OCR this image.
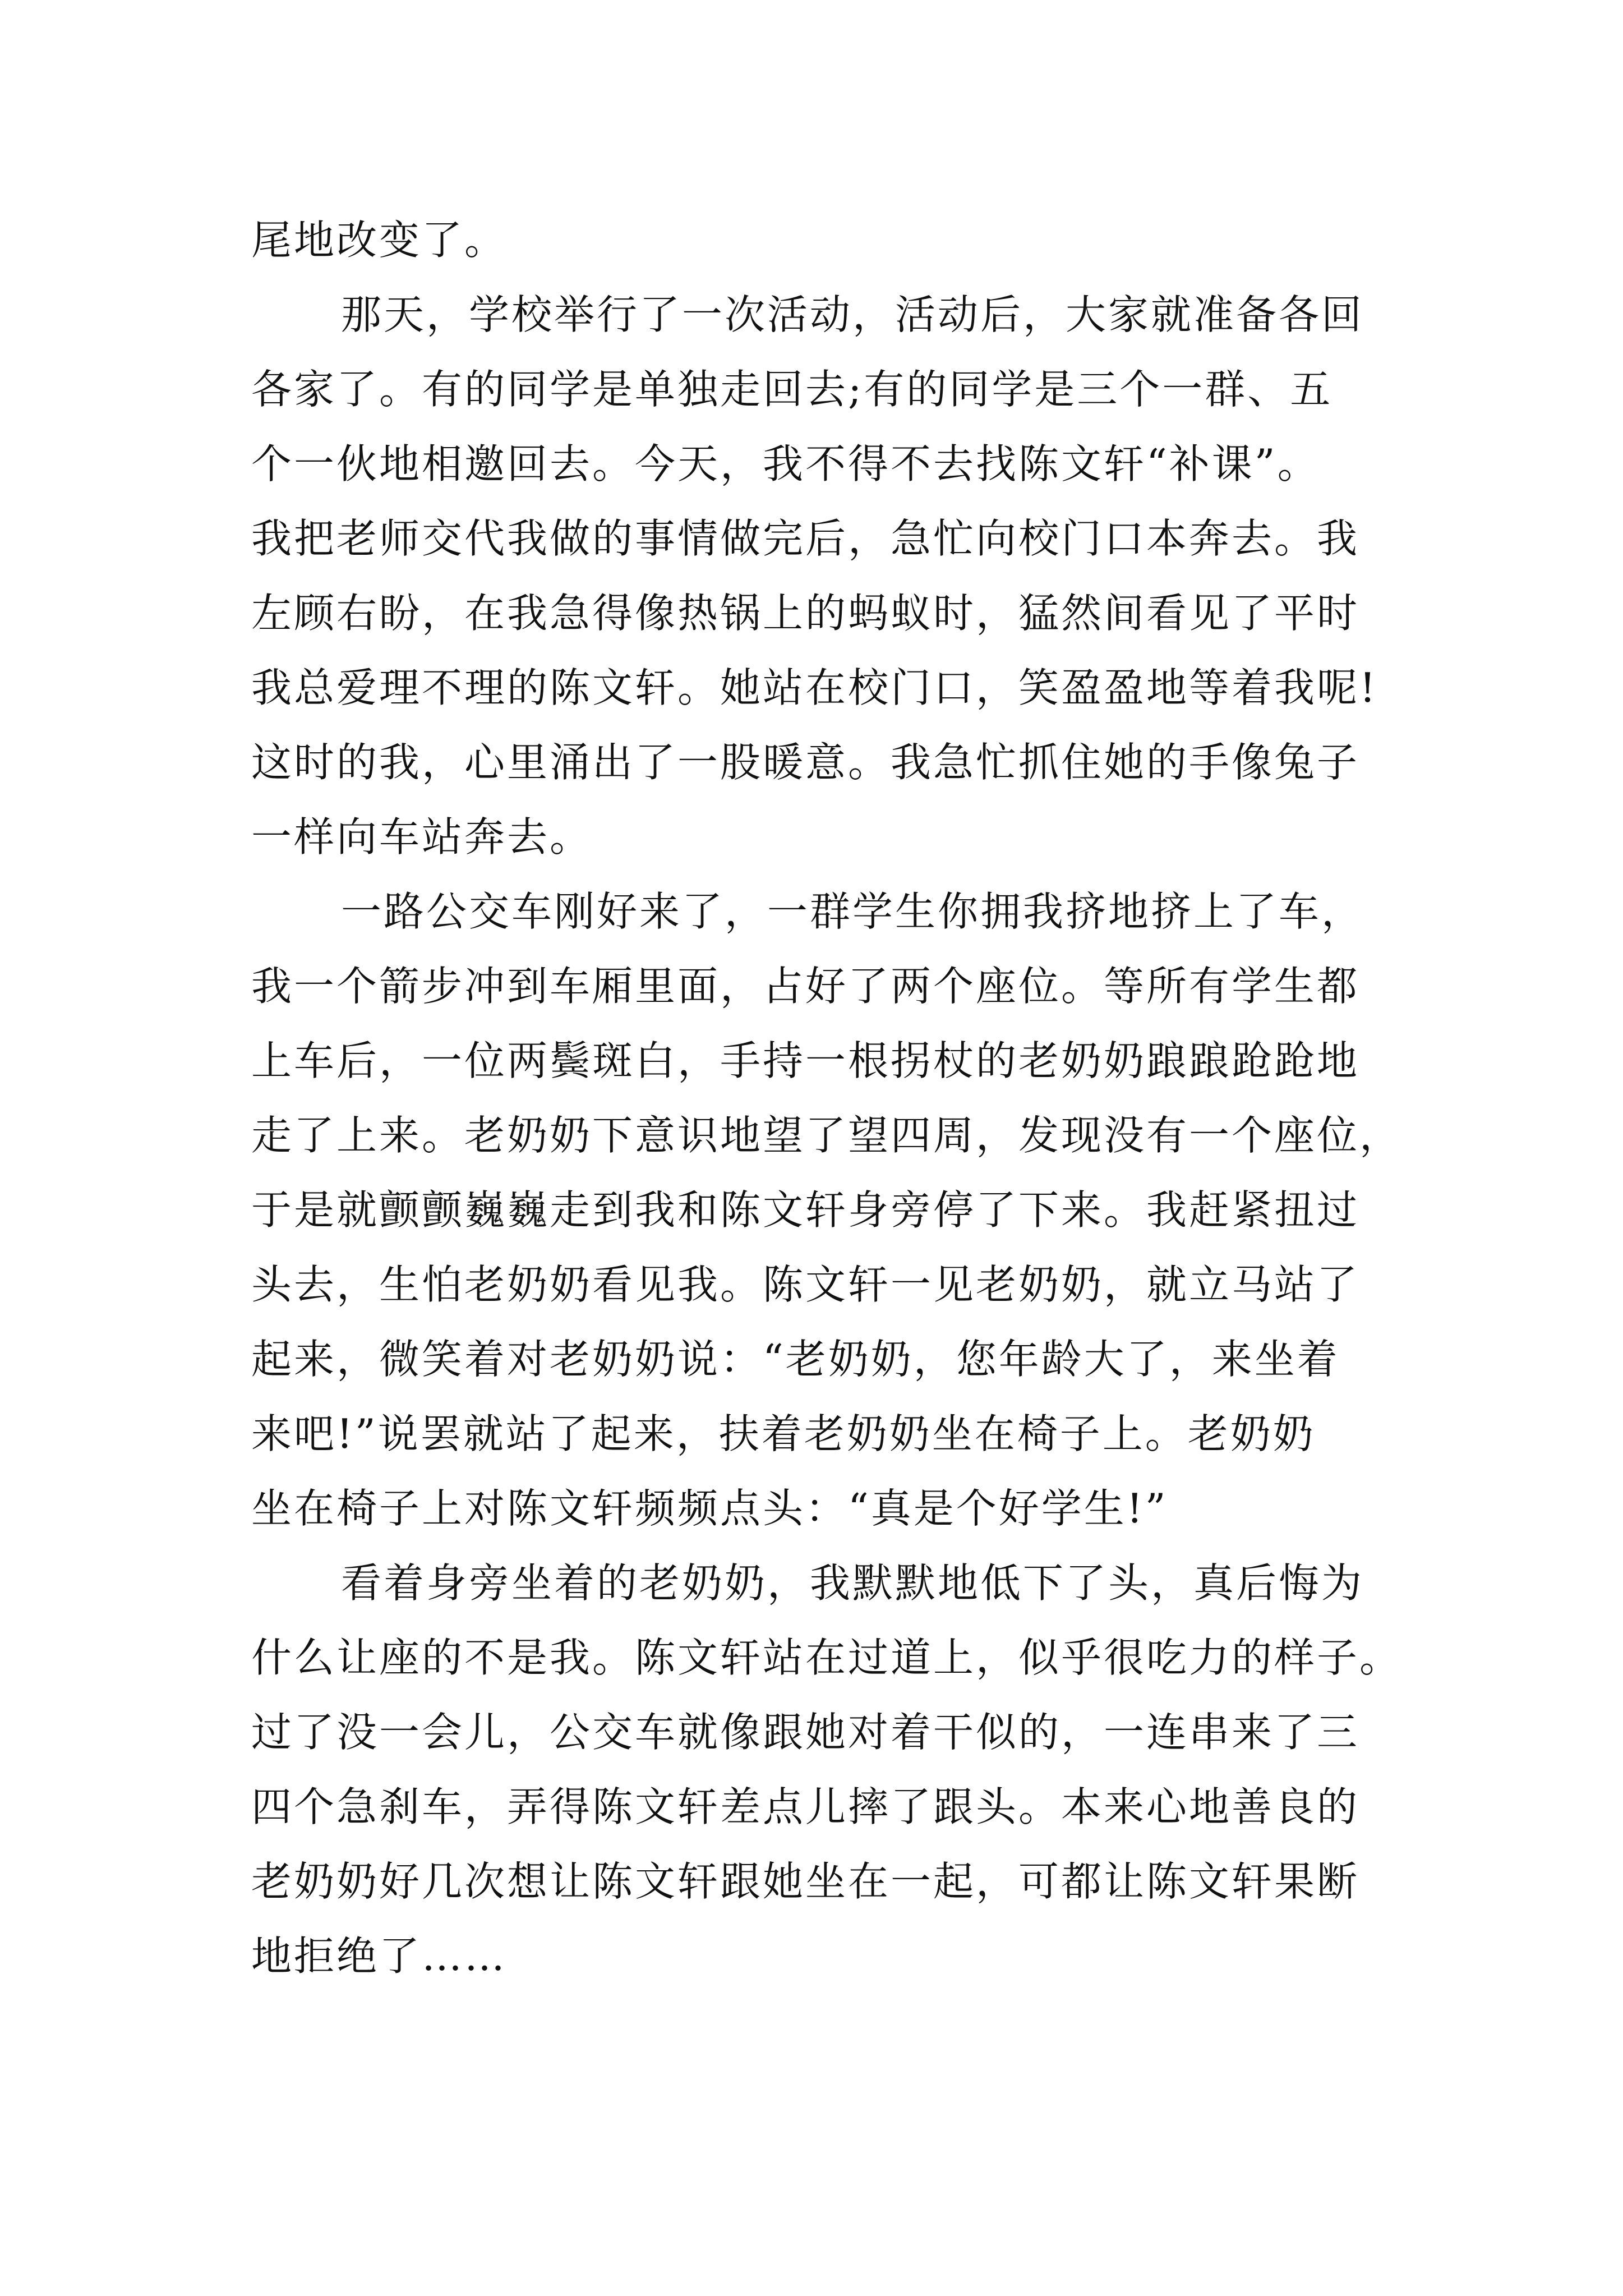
尾地改变了。
那天，学校举行了一次活动，活动后，大家就准备各回
各家了。有的同学是单独走回去;有的同学是三个一群、五
个一伙地相邀回去。今天，我不得不去找陈文轩“补课”。
我把老师交代我做的事情做完后，急忙向校门口本奔去。我
左顾右盼，在我急得像热锅上的蚂蚁时，猛然间看见了平时
我总爱理不理的陈文轩。她站在校门口，笑盈盈地等着我呢!
这时的我，心里涌出了一股暖意。我急忙抓住她的手像兔子
一样向车站奔去。
一路公交车刚好来了，一群学生你拥我挤地挤上了车，
我一个箭步冲到车厢里面，占好了两个座位。等所有学生都
上车后，一位两鬓斑白，手持一根拐杖的老奶奶踉踉跄跄地
走了上来。老奶奶下意识地望了望四周，发现没有一个座位，
于是就颤颤巍巍走到我和陈文轩身旁停了下来。我赶紧扭过
头去，生怕老奶奶看见我。陈文轩一见老奶奶，就立马站了
起来，微笑着对老奶奶说：“老奶奶，您年龄大了，来坐着
来吧!”说罢就站了起来，扶着老奶奶坐在椅子上。老奶奶
坐在椅子上对陈文轩频频点头：“真是个好学生!”
看着身旁坐着的老奶奶，我默默地低下了头，真后悔为
什么让座的不是我。陈文轩站在过道上，似乎很吃力的样子。
过了没一会儿，公交车就像跟她对着干似的，一连串来了三
四个急刹车，弄得陈文轩差点儿摔了跟头。本来心地善良的
老奶奶好几次想让陈文轩跟她坐在一起，可都让陈文轩果断
地拒绝了……
